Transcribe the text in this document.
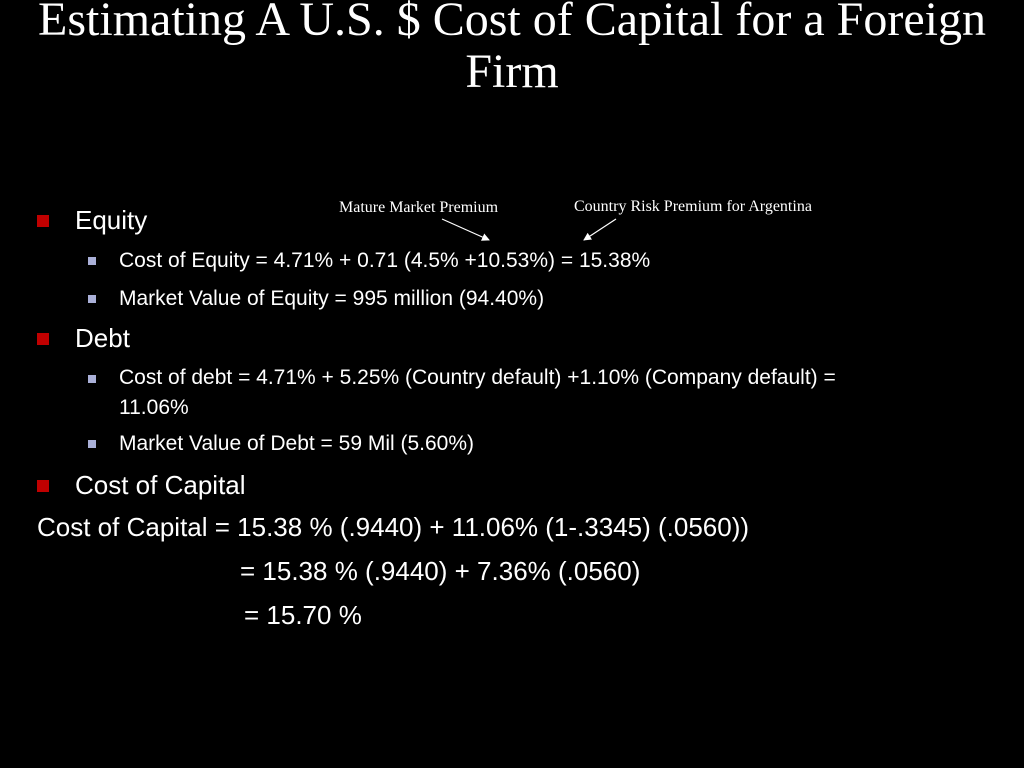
Estimating A U.S. $ Cost of Capital for a Foreign Firm
Mature Market Premium	Country Risk Premium for Argentina
Equity
Cost of Equity = 4.71% + 0.71 (4.5% +10.53%) = 15.38%
Market Value of Equity = 995 million (94.40%)
Debt
Cost of debt = 4.71% + 5.25% (Country default) +1.10% (Company default) =
11.06%
Market Value of Debt = 59 Mil (5.60%)
Cost of Capital
Cost of Capital = 15.38 % (.9440) + 11.06% (1-.3345) (.0560))
= 15.38 % (.9440) + 7.36% (.0560)
= 15.70 %
